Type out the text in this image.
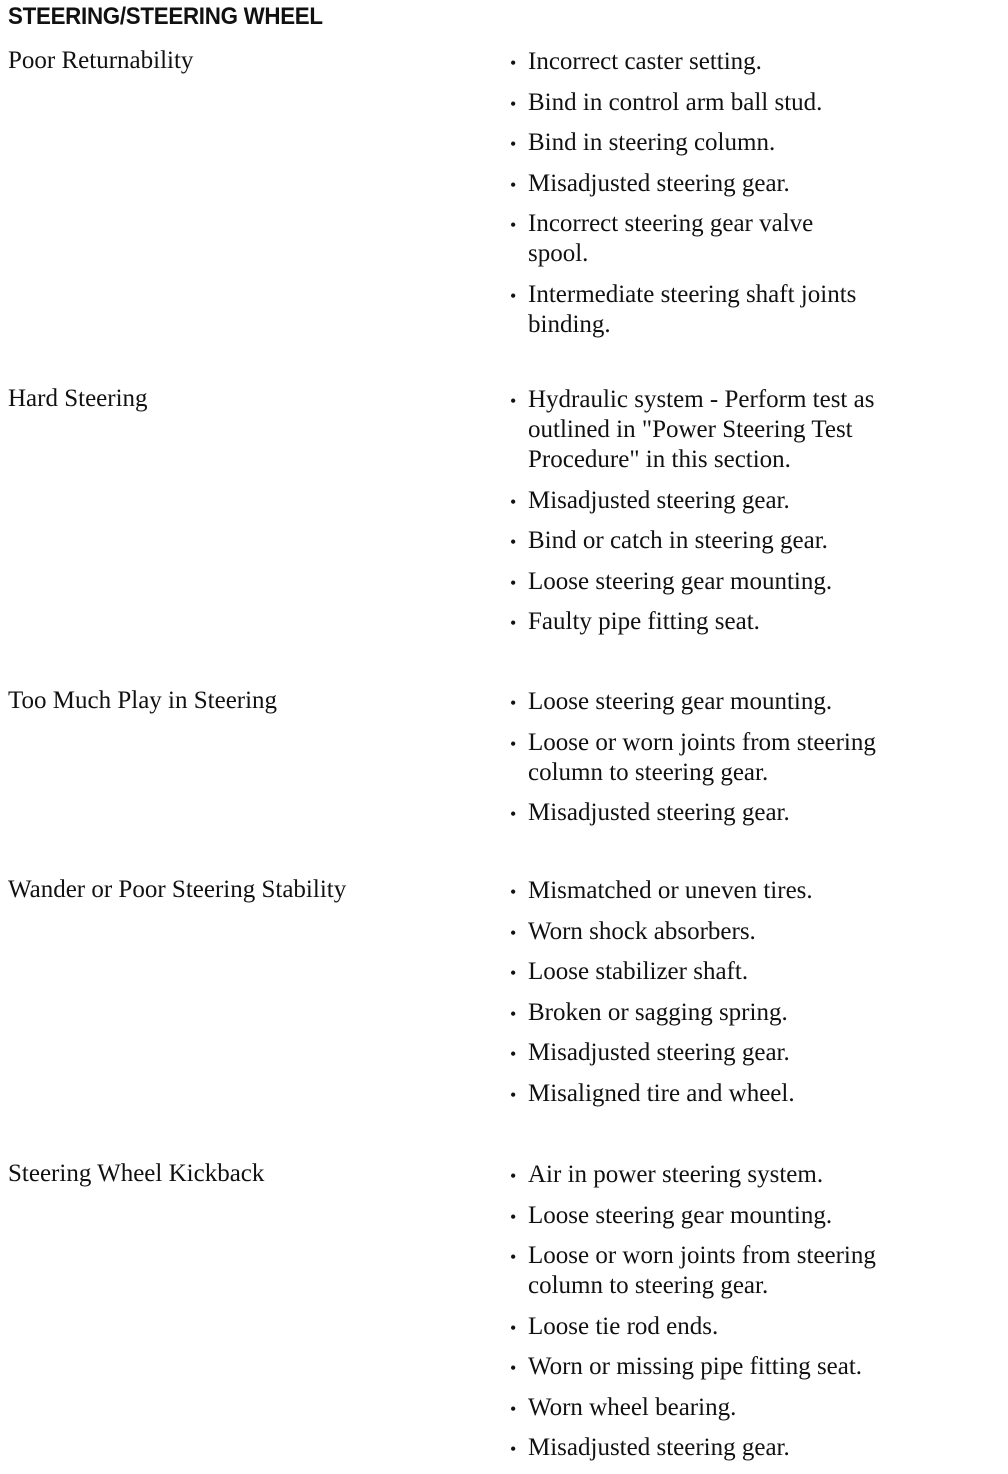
STEERING/STEERING WHEEL
Poor Returnability	• Incorrect caster setting.
• Bind in control arm ball stud.
• Bind in steering column.
• Misadjusted steering gear.
• Incorrect steering gear valve spool.
• Intermediate steering shaft joints binding.
Hard Steering	• Hydraulic system - Perform test as outlined in "Power Steering Test Procedure" in this section.
• Misadjusted steering gear.
• Bind or catch in steering gear.
• Loose steering gear mounting.
• Faulty pipe fitting seat.
Too Much Play in Steering	• Loose steering gear mounting.
• Loose or worn joints from steering column to steering gear.
• Misadjusted steering gear.
Wander or Poor Steering Stability	• Mismatched or uneven tires.
• Worn shock absorbers.
• Loose stabilizer shaft.
• Broken or sagging spring.
• Misadjusted steering gear.
• Misaligned tire and wheel.
Steering Wheel Kickback	• Air in power steering system.
• Loose steering gear mounting.
• Loose or worn joints from steering column to steering gear.
• Loose tie rod ends.
• Worn or missing pipe fitting seat.
• Worn wheel bearing.
• Misadjusted steering gear.
